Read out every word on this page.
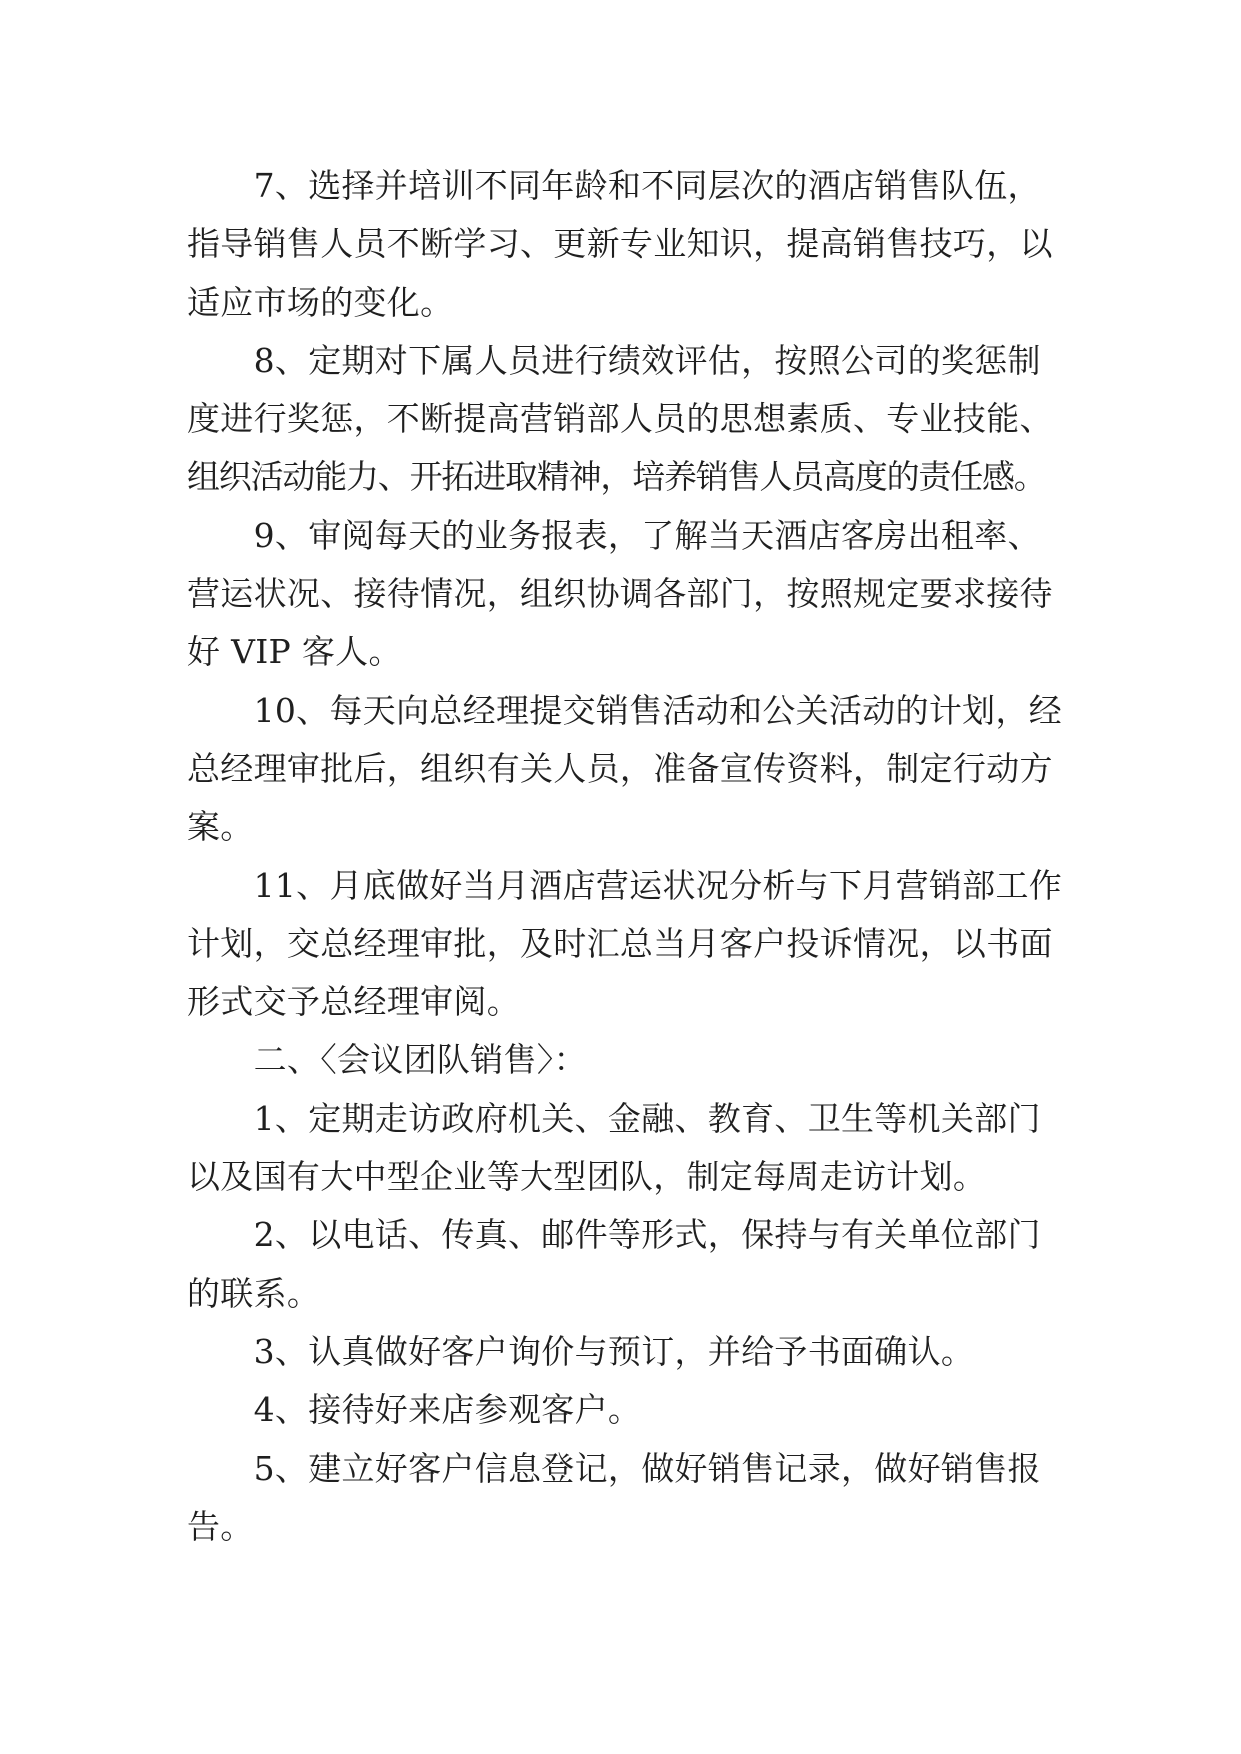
7、选择并培训不同年龄和不同层次的酒店销售队伍，
指导销售人员不断学习、更新专业知识，提高销售技巧，以
适应市场的变化。
8、定期对下属人员进行绩效评估，按照公司的奖惩制
度进行奖惩，不断提高营销部人员的思想素质、专业技能、
组织活动能力、开拓进取精神，培养销售人员高度的责任感。
9、审阅每天的业务报表，了解当天酒店客房出租率、
营运状况、接待情况，组织协调各部门，按照规定要求接待
好 VIP 客人。
10、每天向总经理提交销售活动和公关活动的计划，经
总经理审批后，组织有关人员，准备宣传资料，制定行动方
案。
11、月底做好当月酒店营运状况分析与下月营销部工作
计划，交总经理审批，及时汇总当月客户投诉情况，以书面
形式交予总经理审阅。
二、〈会议团队销售〉：
1、定期走访政府机关、金融、教育、卫生等机关部门
以及国有大中型企业等大型团队，制定每周走访计划。
2、以电话、传真、邮件等形式，保持与有关单位部门
的联系。
3、认真做好客户询价与预订，并给予书面确认。
4、接待好来店参观客户。
5、建立好客户信息登记，做好销售记录，做好销售报
告。
